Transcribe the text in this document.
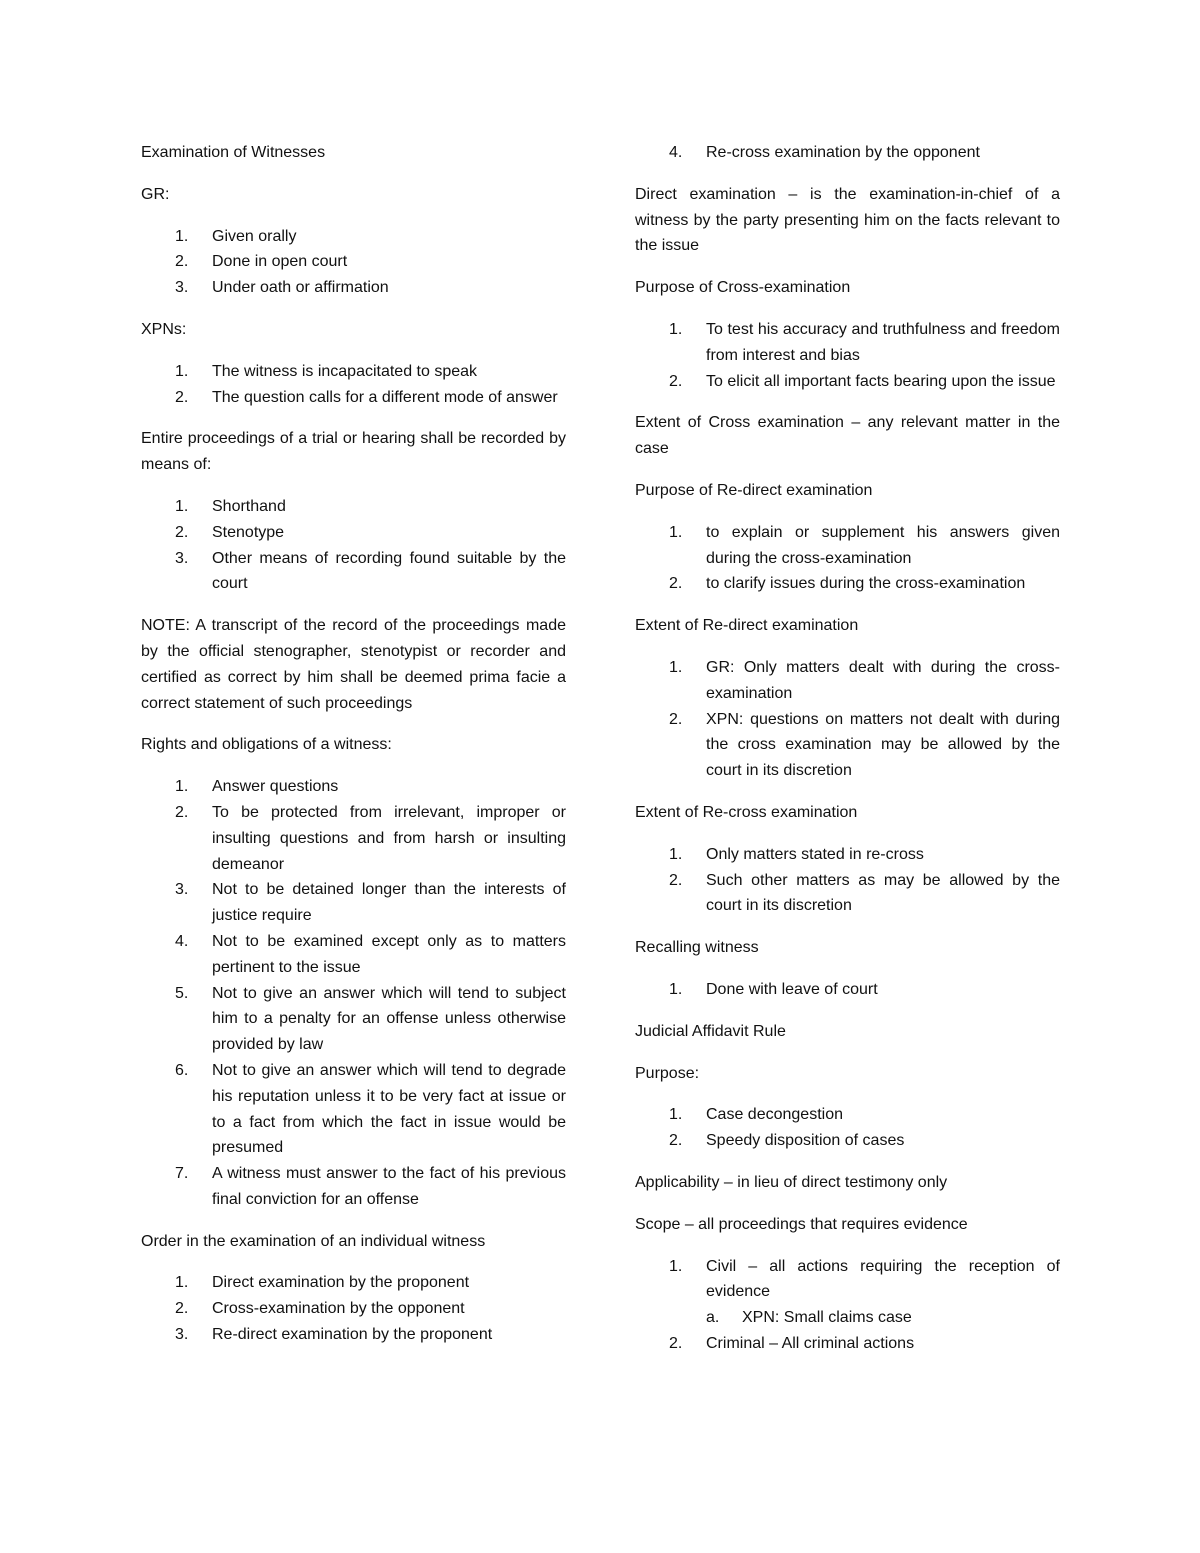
Examination of Witnesses

GR:

1. Given orally
2. Done in open court
3. Under oath or affirmation

XPNs:

1. The witness is incapacitated to speak
2. The question calls for a different mode of answer

Entire proceedings of a trial or hearing shall be recorded by means of:

1. Shorthand
2. Stenotype
3. Other means of recording found suitable by the court

NOTE: A transcript of the record of the proceedings made by the official stenographer, stenotypist or recorder and certified as correct by him shall be deemed prima facie a correct statement of such proceedings

Rights and obligations of a witness:

1. Answer questions
2. To be protected from irrelevant, improper or insulting questions and from harsh or insulting demeanor
3. Not to be detained longer than the interests of justice require
4. Not to be examined except only as to matters pertinent to the issue
5. Not to give an answer which will tend to subject him to a penalty for an offense unless otherwise provided by law
6. Not to give an answer which will tend to degrade his reputation unless it to be very fact at issue or to a fact from which the fact in issue would be presumed
7. A witness must answer to the fact of his previous final conviction for an offense

Order in the examination of an individual witness

1. Direct examination by the proponent
2. Cross-examination by the opponent
3. Re-direct examination by the proponent
4. Re-cross examination by the opponent

Direct examination – is the examination-in-chief of a witness by the party presenting him on the facts relevant to the issue

Purpose of Cross-examination

1. To test his accuracy and truthfulness and freedom from interest and bias
2. To elicit all important facts bearing upon the issue

Extent of Cross examination – any relevant matter in the case

Purpose of Re-direct examination

1. to explain or supplement his answers given during the cross-examination
2. to clarify issues during the cross-examination

Extent of Re-direct examination

1. GR: Only matters dealt with during the cross-examination
2. XPN: questions on matters not dealt with during the cross examination may be allowed by the court in its discretion

Extent of Re-cross examination

1. Only matters stated in re-cross
2. Such other matters as may be allowed by the court in its discretion

Recalling witness

1. Done with leave of court

Judicial Affidavit Rule

Purpose:

1. Case decongestion
2. Speedy disposition of cases

Applicability – in lieu of direct testimony only

Scope – all proceedings that requires evidence

1. Civil – all actions requiring the reception of evidence
a. XPN: Small claims case
2. Criminal – All criminal actions
